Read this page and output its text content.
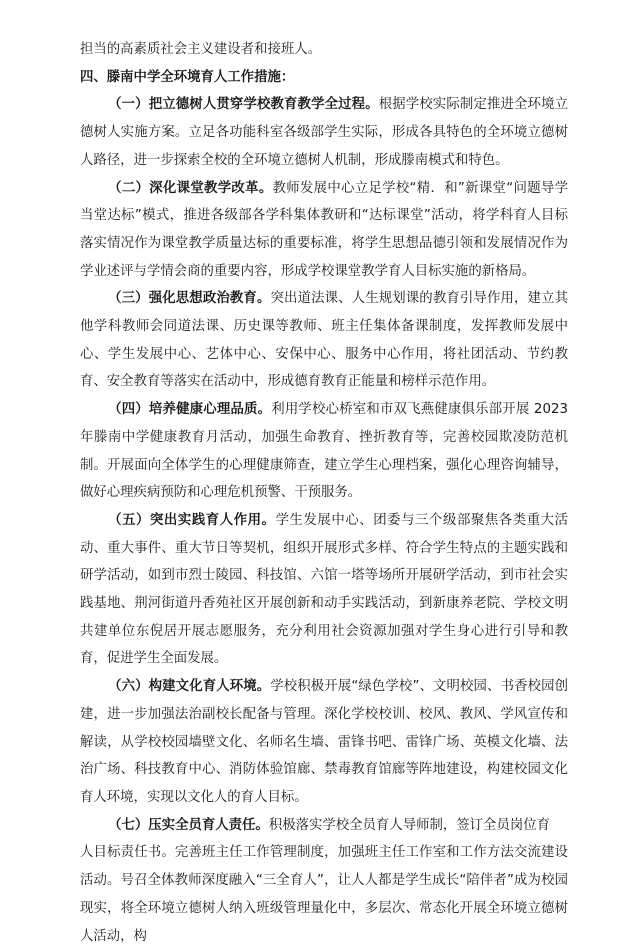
担当的高素质社会主义建设者和接班人。

四、滕南中学全环境育人工作措施：

（一）把立德树人贯穿学校教育教学全过程。根据学校实际制定推进全环境立德树人实施方案。立足各功能科室各级部学生实际，形成各具特色的全环境立德树人路径，进一步探索全校的全环境立德树人机制，形成滕南模式和特色。

（二）深化课堂教学改革。教师发展中心立足学校“精．和”新课堂“问题导学 当堂达标”模式，推进各级部各学科集体教研和“达标课堂”活动，将学科育人目标落实情况作为课堂教学质量达标的重要标准，将学生思想品德引领和发展情况作为学业述评与学情会商的重要内容，形成学校课堂教学育人目标实施的新格局。

（三）强化思想政治教育。突出道法课、人生规划课的教育引导作用，建立其他学科教师会同道法课、历史课等教师、班主任集体备课制度，发挥教师发展中心、学生发展中心、艺体中心、安保中心、服务中心作用，将社团活动、节约教育、安全教育等落实在活动中，形成德育教育正能量和榜样示范作用。

（四）培养健康心理品质。利用学校心桥室和市双飞燕健康俱乐部开展 2023 年滕南中学健康教育月活动，加强生命教育、挫折教育等，完善校园欺凌防范机制。开展面向全体学生的心理健康筛查，建立学生心理档案，强化心理咨询辅导，做好心理疾病预防和心理危机预警、干预服务。

（五）突出实践育人作用。学生发展中心、团委与三个级部聚焦各类重大活动、重大事件、重大节日等契机，组织开展形式多样、符合学生特点的主题实践和研学活动，如到市烈士陵园、科技馆、六馆一塔等场所开展研学活动，到市社会实践基地、荆河街道丹香苑社区开展创新和动手实践活动，到新康养老院、学校文明共建单位东倪居开展志愿服务，充分利用社会资源加强对学生身心进行引导和教育，促进学生全面发展。

（六）构建文化育人环境。学校积极开展“绿色学校”、文明校园、书香校园创建，进一步加强法治副校长配备与管理。深化学校校训、校风、教风、学风宣传和解读，从学校校园墙壁文化、名师名生墙、雷锋书吧、雷锋广场、英模文化墙、法治广场、科技教育中心、消防体验馆廊、禁毒教育馆廊等阵地建设，构建校园文化育人环境，实现以文化人的育人目标。

（七）压实全员育人责任。积极落实学校全员育人导师制，签订全员岗位育

人目标责任书。完善班主任工作管理制度，加强班主任工作室和工作方法交流建设活动。号召全体教师深度融入“三全育人”，让人人都是学生成长“陪伴者”成为校园现实，将全环境立德树人纳入班级管理量化中，多层次、常态化开展全环境立德树人活动，构
